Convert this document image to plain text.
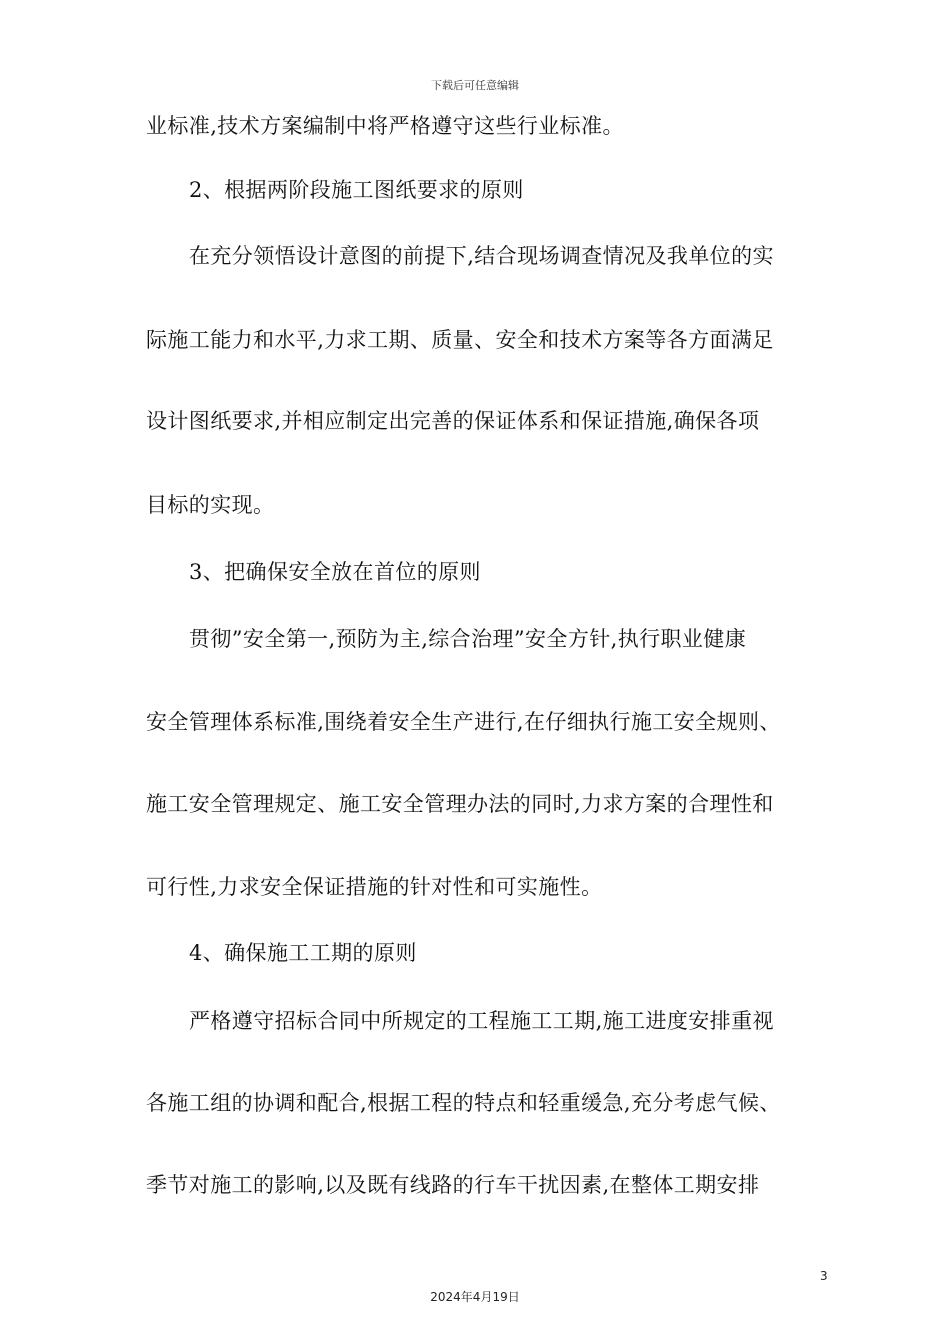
下载后可任意编辑
业标准,技术方案编制中将严格遵守这些行业标准。
2、根据两阶段施工图纸要求的原则
在充分领悟设计意图的前提下,结合现场调查情况及我单位的实
际施工能力和水平,力求工期、质量、安全和技术方案等各方面满足
设计图纸要求,并相应制定出完善的保证体系和保证措施,确保各项
目标的实现。
3、把确保安全放在首位的原则
贯彻”安全第一,预防为主,综合治理”安全方针,执行职业健康
安全管理体系标准,围绕着安全生产进行,在仔细执行施工安全规则、
施工安全管理规定、施工安全管理办法的同时,力求方案的合理性和
可行性,力求安全保证措施的针对性和可实施性。
4、确保施工工期的原则
严格遵守招标合同中所规定的工程施工工期,施工进度安排重视
各施工组的协调和配合,根据工程的特点和轻重缓急,充分考虑气候、
季节对施工的影响,以及既有线路的行车干扰因素,在整体工期安排
3
2024年4月19日
